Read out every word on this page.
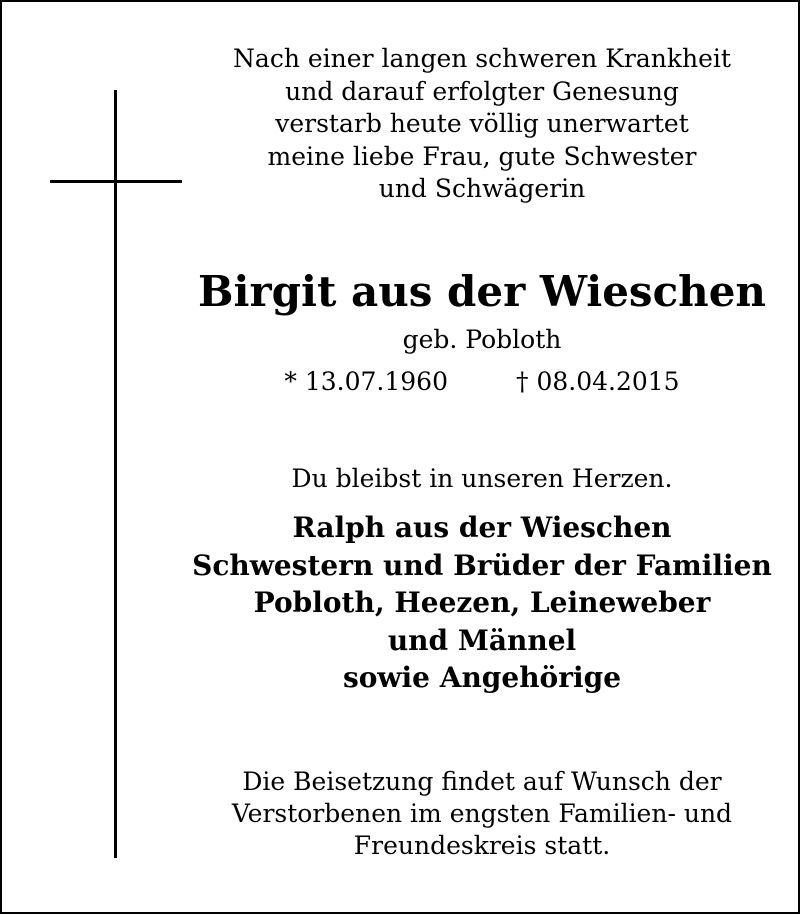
Nach einer langen schweren Krankheit
und darauf erfolgter Genesung
verstarb heute völlig unerwartet
meine liebe Frau, gute Schwester
und Schwägerin
Birgit aus der Wieschen
geb. Pobloth
* 13.07.1960	† 08.04.2015
Du bleibst in unseren Herzen.
Ralph aus der Wieschen
Schwestern und Brüder der Familien
Pobloth, Heezen, Leineweber
und Männel
sowie Angehörige
Die Beisetzung findet auf Wunsch der
Verstorbenen im engsten Familien- und
Freundeskreis statt.
